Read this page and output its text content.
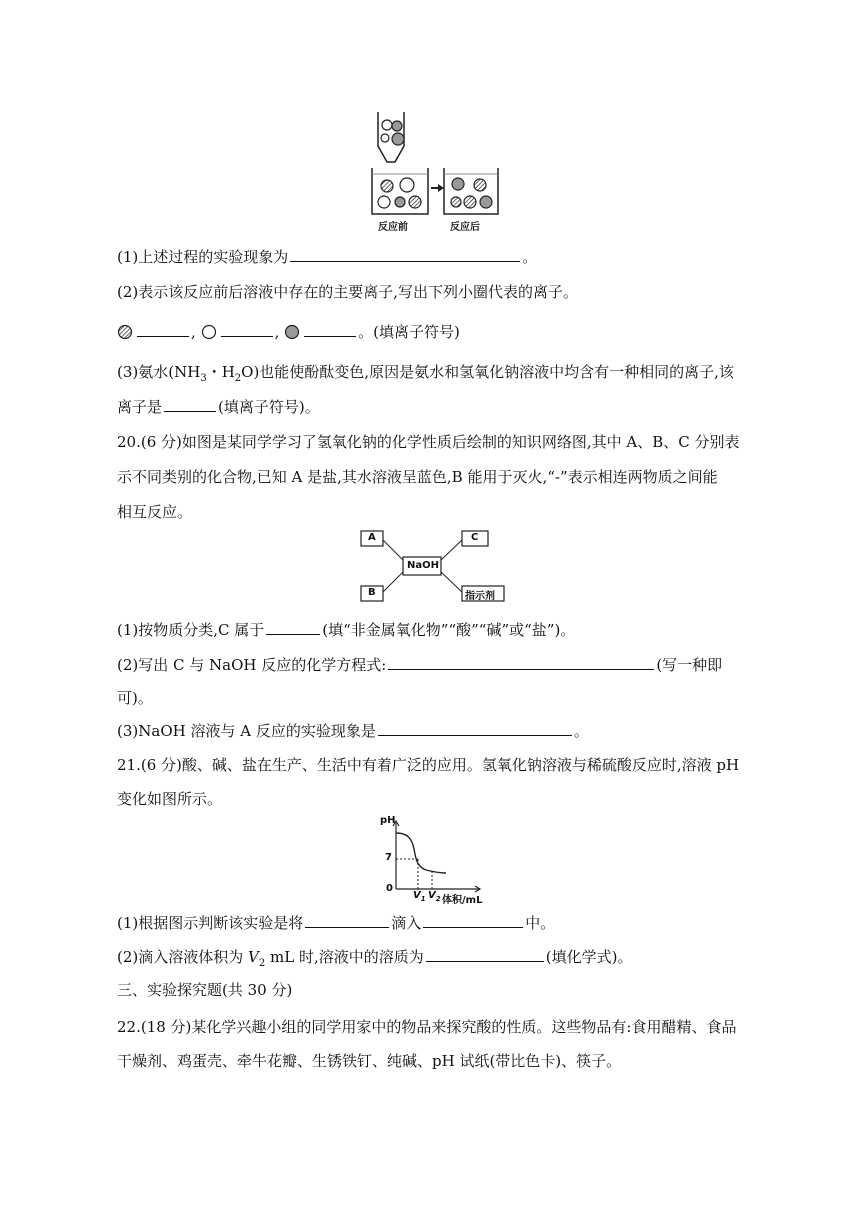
反应前	反应后
(1)上述过程的实验现象为	。
(2)表示该反应前后溶液中存在的主要离子,写出下列小圈代表的离子。
,	,	。(填离子符号)
(3)氨水($NH_3$・$H_2O$)也能使酚酞变色,原因是氨水和氢氧化钠溶液中均含有一种相同的离子,该
离子是	(填离子符号)。
20.(6 分)如图是某同学学习了氢氧化钠的化学性质后绘制的知识网络图,其中 A、B、C 分别表
示不同类别的化合物,已知 A 是盐,其水溶液呈蓝色,B 能用于灭火,“-”表示相连两物质之间能
相互反应。
A	C
NaOH
B	指示剂
(1)按物质分类,C 属于	(填“非金属氧化物”“酸”“碱”或“盐”)。
(2)写出 C 与 NaOH 反应的化学方程式:	(写一种即
可)。
(3)NaOH 溶液与 A 反应的实验现象是	。
21.(6 分)酸、碱、盐在生产、生活中有着广泛的应用。氢氧化钠溶液与稀硫酸反应时,溶液 pH
变化如图所示。
pH
7
0
$V_1$ $V_2$ 体积/mL
(1)根据图示判断该实验是将	滴入	中。
(2)滴入溶液体积为 $V_2$ mL 时,溶液中的溶质为	(填化学式)。
三、实验探究题(共 30 分)
22.(18 分)某化学兴趣小组的同学用家中的物品来探究酸的性质。这些物品有:食用醋精、食品
干燥剂、鸡蛋壳、牵牛花瓣、生锈铁钉、纯碱、pH 试纸(带比色卡)、筷子。
